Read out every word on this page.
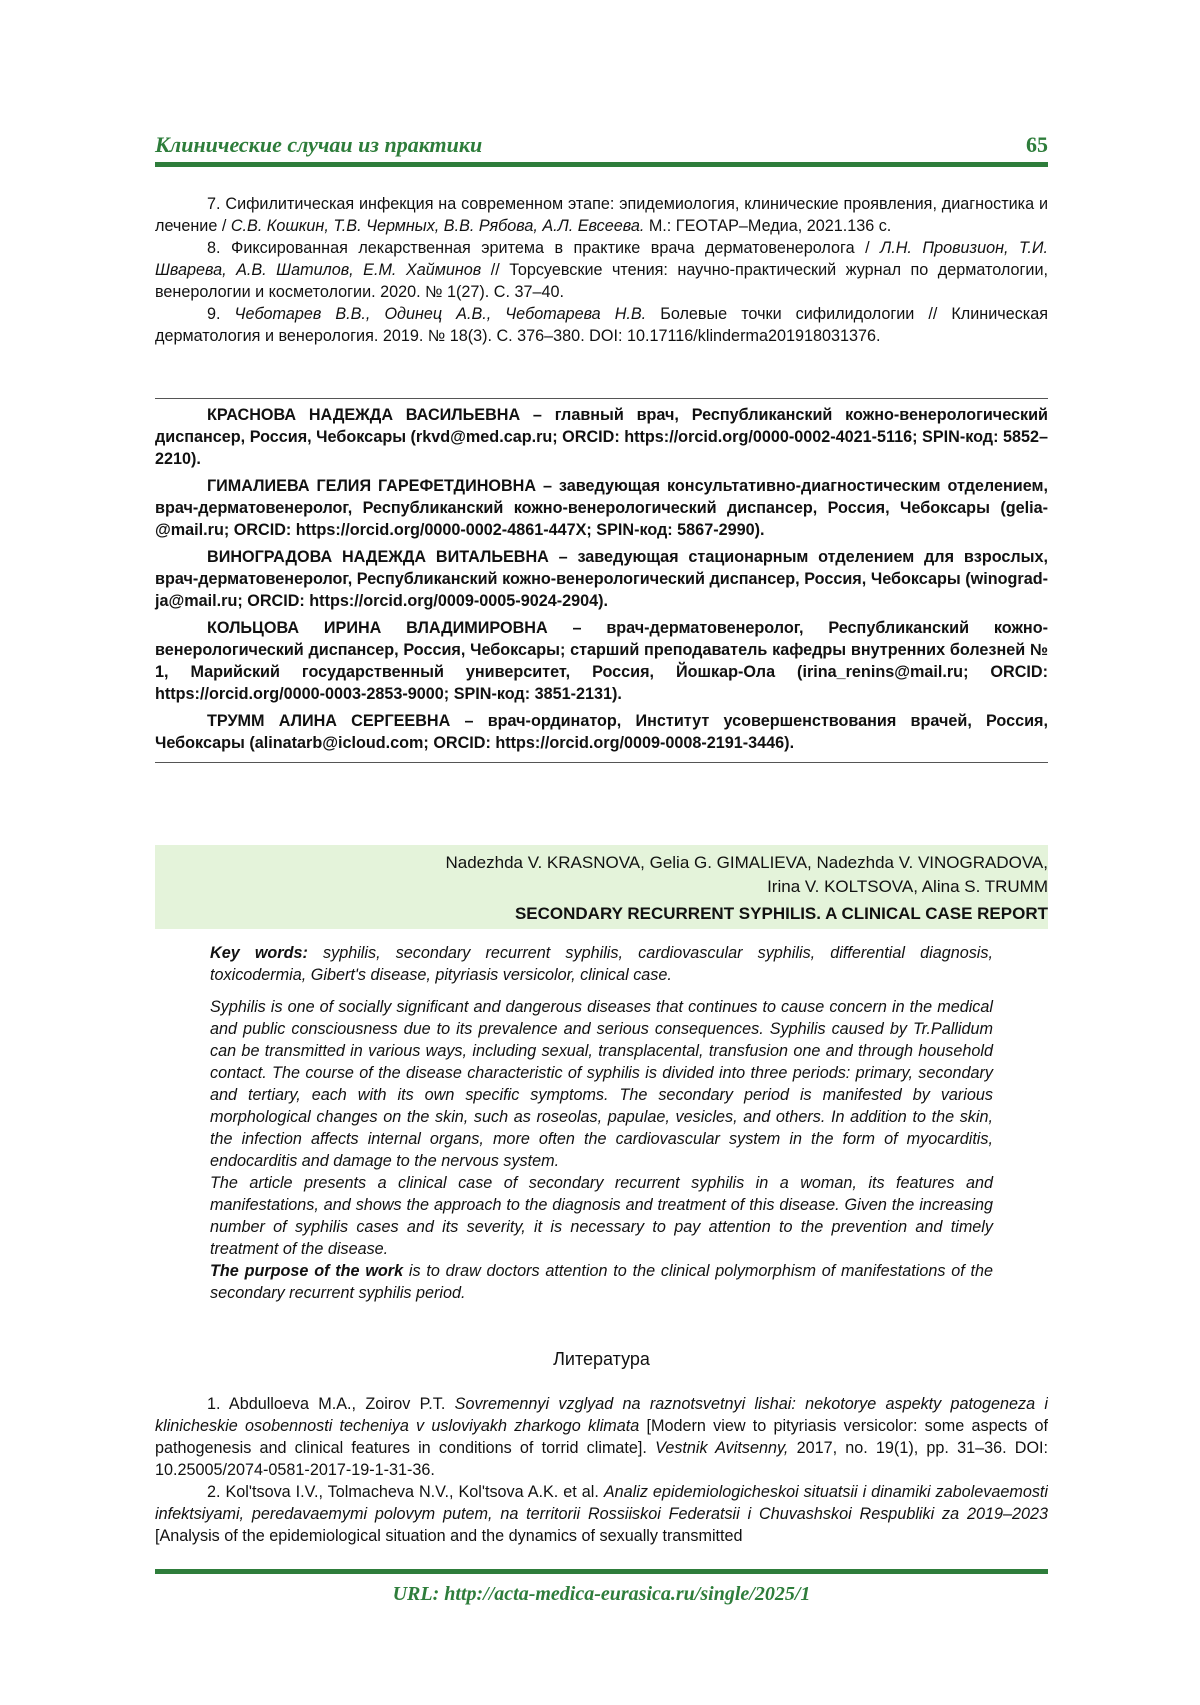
Клинические случаи из практики	65

7. Сифилитическая инфекция на современном этапе: эпидемиология, клинические проявления, диагностика и лечение / С.В. Кошкин, Т.В. Чермных, В.В. Рябова, А.Л. Евсеева. М.: ГЕОТАР–Медиа, 2021.136 с.

8. Фиксированная лекарственная эритема в практике врача дерматовенеролога / Л.Н. Провизион, Т.И. Шварева, А.В. Шатилов, Е.М. Хайминов // Торсуевские чтения: научно-практический журнал по дерматологии, венерологии и косметологии. 2020. № 1(27). С. 37–40.

9. Чеботарев В.В., Одинец А.В., Чеботарева Н.В. Болевые точки сифилидологии // Клиническая дерматология и венерология. 2019. № 18(3). С. 376–380. DOI: 10.17116/klinderma201918031376.

КРАСНОВА НАДЕЖДА ВАСИЛЬЕВНА – главный врач, Республиканский кожно-венерологический диспансер, Россия, Чебоксары (rkvd@med.cap.ru; ORCID: https://orcid.org/0000-0002-4021-5116; SPIN-код: 5852–2210).

ГИМАЛИЕВА ГЕЛИЯ ГАРЕФЕТДИНОВНА – заведующая консультативно-диагностическим отделением, врач-дерматовенеролог, Республиканский кожно-венерологический диспансер, Россия, Чебоксары (gelia-@mail.ru; ORCID: https://orcid.org/0000-0002-4861-447X; SPIN-код: 5867-2990).

ВИНОГРАДОВА НАДЕЖДА ВИТАЛЬЕВНА – заведующая стационарным отделением для взрослых, врач-дерматовенеролог, Республиканский кожно-венерологический диспансер, Россия, Чебоксары (winograd-ja@mail.ru; ORCID: https://orcid.org/0009-0005-9024-2904).

КОЛЬЦОВА ИРИНА ВЛАДИМИРОВНА – врач-дерматовенеролог, Республиканский кожно-венерологический диспансер, Россия, Чебоксары; старший преподаватель кафедры внутренних болезней № 1, Марийский государственный университет, Россия, Йошкар-Ола (irina_renins@mail.ru; ORCID: https://orcid.org/0000-0003-2853-9000; SPIN-код: 3851-2131).

ТРУММ АЛИНА СЕРГЕЕВНА – врач-ординатор, Институт усовершенствования врачей, Россия, Чебоксары (alinatarb@icloud.com; ORCID: https://orcid.org/0009-0008-2191-3446).

Nadezhda V. KRASNOVA, Gelia G. GIMALIEVA, Nadezhda V. VINOGRADOVA,
Irina V. KOLTSOVA, Alina S. TRUMM
SECONDARY RECURRENT SYPHILIS. A CLINICAL CASE REPORT

Key words: syphilis, secondary recurrent syphilis, cardiovascular syphilis, differential diagnosis, toxicodermia, Gibert's disease, pityriasis versicolor, clinical case.

Syphilis is one of socially significant and dangerous diseases that continues to cause concern in the medical and public consciousness due to its prevalence and serious consequences. Syphilis caused by Tr.Pallidum can be transmitted in various ways, including sexual, transplacental, transfusion one and through household contact. The course of the disease characteristic of syphilis is divided into three periods: primary, secondary and tertiary, each with its own specific symptoms. The secondary period is manifested by various morphological changes on the skin, such as roseolas, papulae, vesicles, and others. In addition to the skin, the infection affects internal organs, more often the cardiovascular system in the form of myocarditis, endocarditis and damage to the nervous system.

The article presents a clinical case of secondary recurrent syphilis in a woman, its features and manifestations, and shows the approach to the diagnosis and treatment of this disease. Given the increasing number of syphilis cases and its severity, it is necessary to pay attention to the prevention and timely treatment of the disease.

The purpose of the work is to draw doctors attention to the clinical polymorphism of manifestations of the secondary recurrent syphilis period.

Литература

1. Abdulloeva M.A., Zoirov P.T. Sovremennyi vzglyad na raznotsvetnyi lishai: nekotorye aspekty patogeneza i klinicheskie osobennosti techeniya v usloviyakh zharkogo klimata [Modern view to pityriasis versicolor: some aspects of pathogenesis and clinical features in conditions of torrid climate]. Vestnik Avitsenny, 2017, no. 19(1), pp. 31–36. DOI: 10.25005/2074-0581-2017-19-1-31-36.

2. Kol'tsova I.V., Tolmacheva N.V., Kol'tsova A.K. et al. Analiz epidemiologicheskoi situatsii i dinamiki zabolevaemosti infektsiyami, peredavaemymi polovym putem, na territorii Rossiiskoi Federatsii i Chuvashskoi Respubliki za 2019–2023 [Analysis of the epidemiological situation and the dynamics of sexually transmitted

URL: http://acta-medica-eurasica.ru/single/2025/1
